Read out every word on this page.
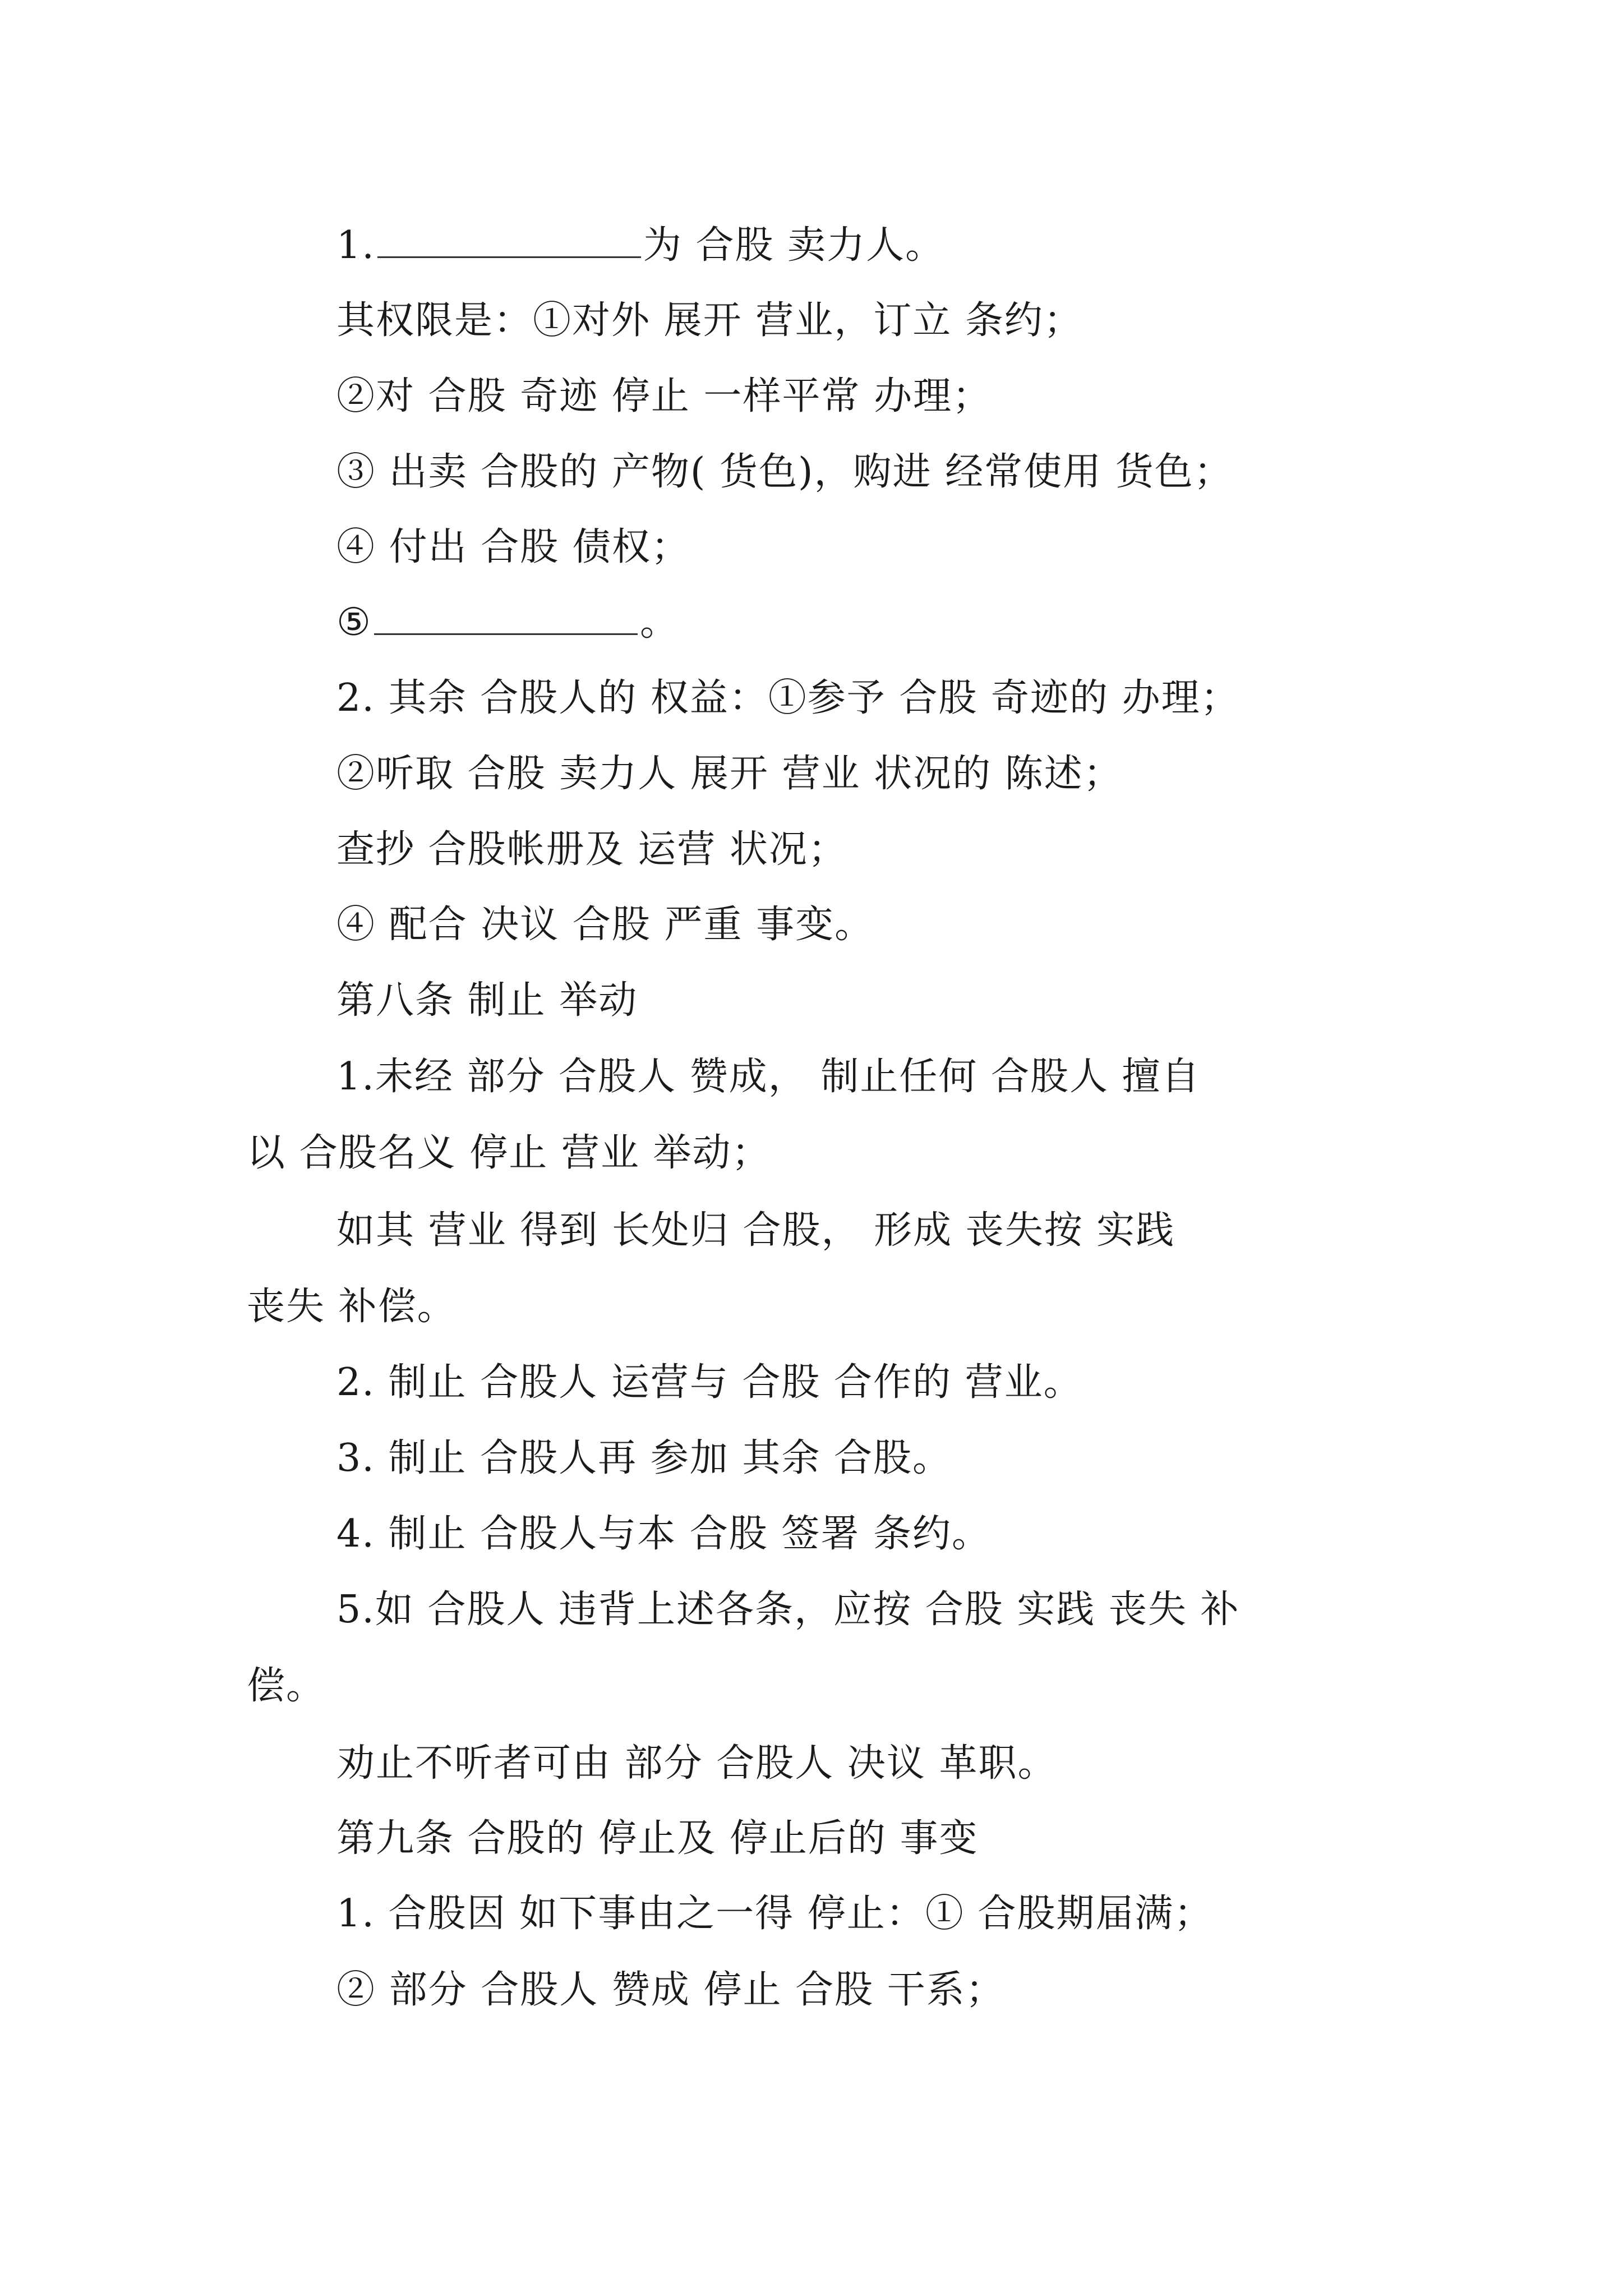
1.	为 合股 卖力人。
其权限是：①对外 展开 营业，订立 条约；
②对 合股 奇迹 停止 一样平常 办理；
③ 出卖 合股的 产物( 货色)，购进 经常使用 货色；
④ 付出 合股 债权；
⑤	。
2. 其余 合股人的 权益：①参予 合股 奇迹的 办理；
②听取 合股 卖力人 展开 营业 状况的 陈述；
查抄 合股帐册及 运营 状况；
④ 配合 决议 合股 严重 事变。
第八条 制止 举动
1.未经 部分 合股人 赞成， 制止任何 合股人 擅自
以 合股名义 停止 营业 举动；
如其 营业 得到 长处归 合股， 形成 丧失按 实践
丧失 补偿。
2. 制止 合股人 运营与 合股 合作的 营业。
3. 制止 合股人再 参加 其余 合股。
4. 制止 合股人与本 合股 签署 条约。
5.如 合股人 违背上述各条，应按 合股 实践 丧失 补
偿。
劝止不听者可由 部分 合股人 决议 革职。
第九条 合股的 停止及 停止后的 事变
1. 合股因 如下事由之一得 停止：① 合股期届满；
② 部分 合股人 赞成 停止 合股 干系；
